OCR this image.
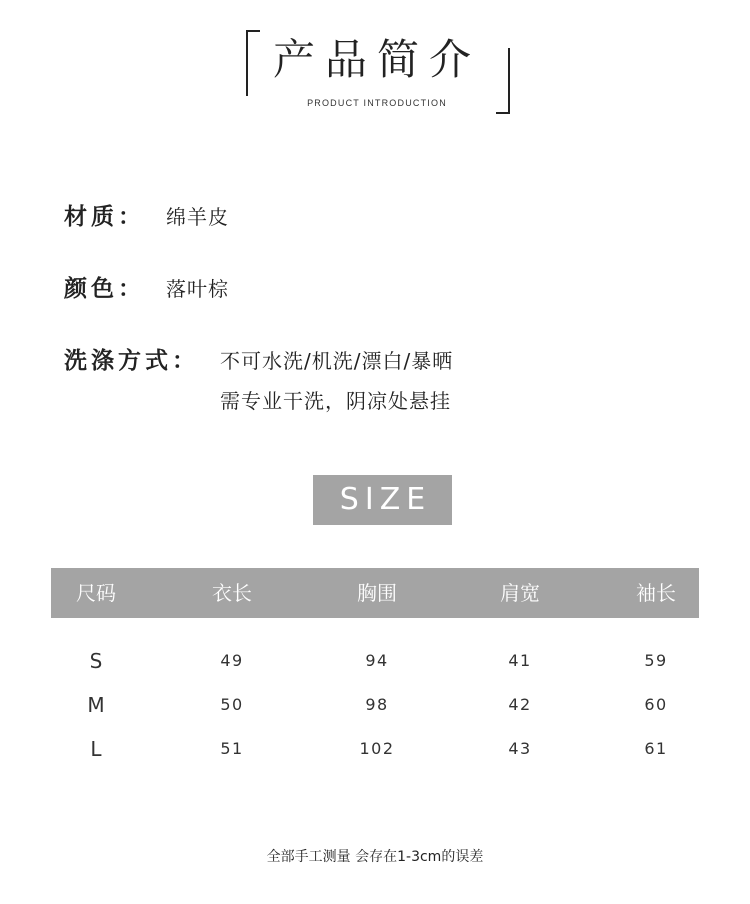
产品简介
PRODUCT INTRODUCTION
材质： 绵羊皮
颜色： 落叶棕
洗涤方式： 不可水洗/机洗/漂白/暴晒
需专业干洗，阴凉处悬挂
SIZE
尺码	衣长	胸围	肩宽	袖长
S	49	94	41	59
M	50	98	42	60
L	51	102	43	61
全部手工测量 会存在1-3cm的误差
